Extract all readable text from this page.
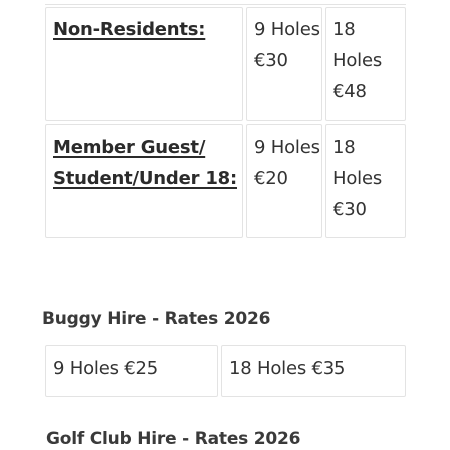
Non-Residents:	9 Holes
€30
18
Holes
€48
Member Guest/
Student/Under 18:
9 Holes
€20
18
Holes
€30
Buggy Hire - Rates 2026
9 Holes €25	18 Holes €35
Golf Club Hire - Rates 2026
